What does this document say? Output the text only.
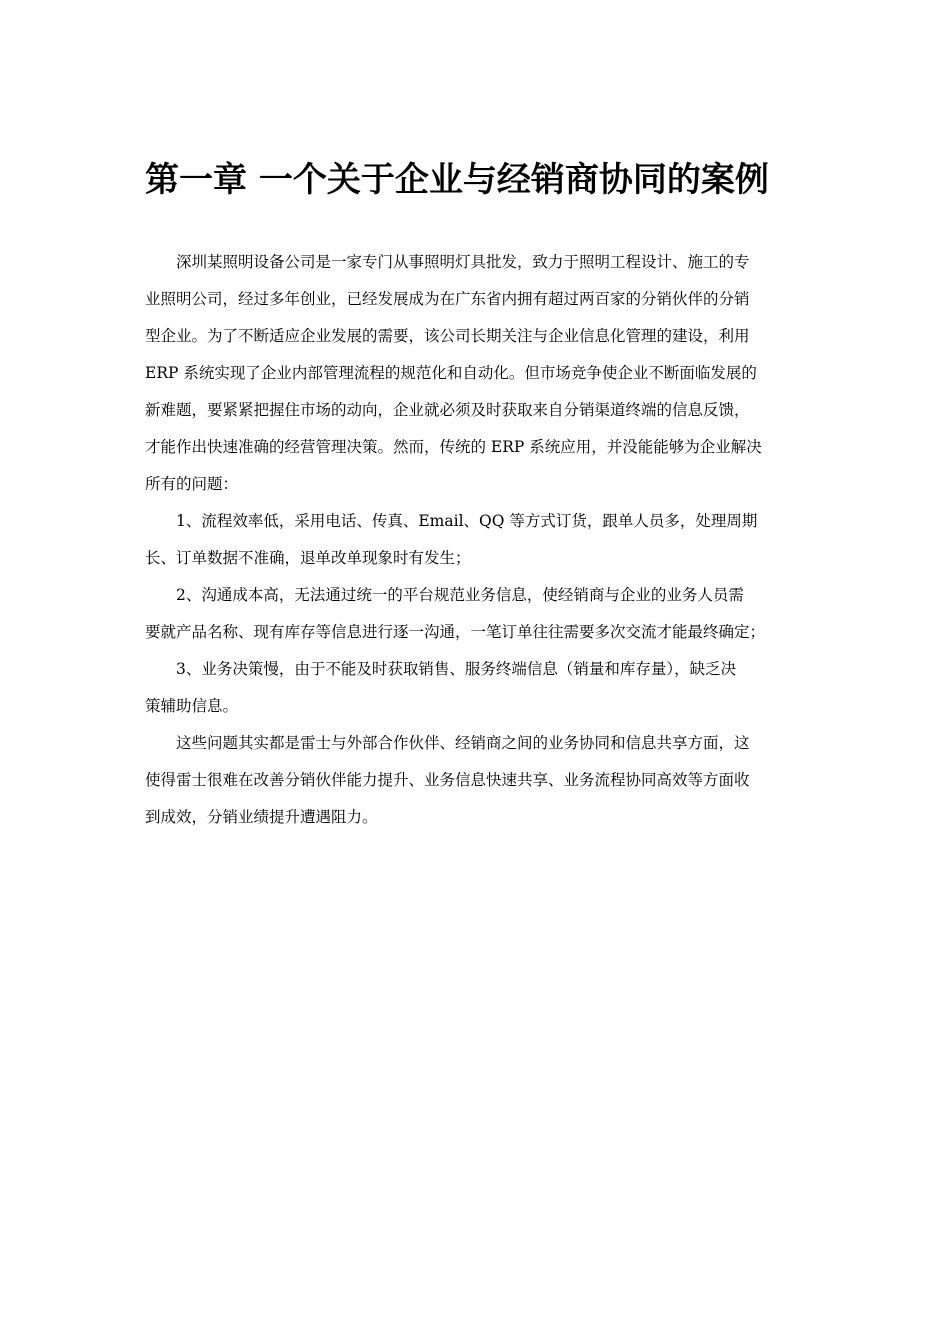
第一章 一个关于企业与经销商协同的案例

深圳某照明设备公司是一家专门从事照明灯具批发，致力于照明工程设计、施工的专
业照明公司，经过多年创业，已经发展成为在广东省内拥有超过两百家的分销伙伴的分销
型企业。为了不断适应企业发展的需要，该公司长期关注与企业信息化管理的建设，利用
ERP 系统实现了企业内部管理流程的规范化和自动化。但市场竞争使企业不断面临发展的
新难题，要紧紧把握住市场的动向，企业就必须及时获取来自分销渠道终端的信息反馈，
才能作出快速准确的经营管理决策。然而，传统的 ERP 系统应用，并没能能够为企业解决
所有的问题：

1、流程效率低，采用电话、传真、Email、QQ 等方式订货，跟单人员多，处理周期
长、订单数据不准确，退单改单现象时有发生；

2、沟通成本高，无法通过统一的平台规范业务信息，使经销商与企业的业务人员需
要就产品名称、现有库存等信息进行逐一沟通，一笔订单往往需要多次交流才能最终确定；

3、业务决策慢，由于不能及时获取销售、服务终端信息（销量和库存量），缺乏决
策辅助信息。

这些问题其实都是雷士与外部合作伙伴、经销商之间的业务协同和信息共享方面，这
使得雷士很难在改善分销伙伴能力提升、业务信息快速共享、业务流程协同高效等方面收
到成效，分销业绩提升遭遇阻力。
